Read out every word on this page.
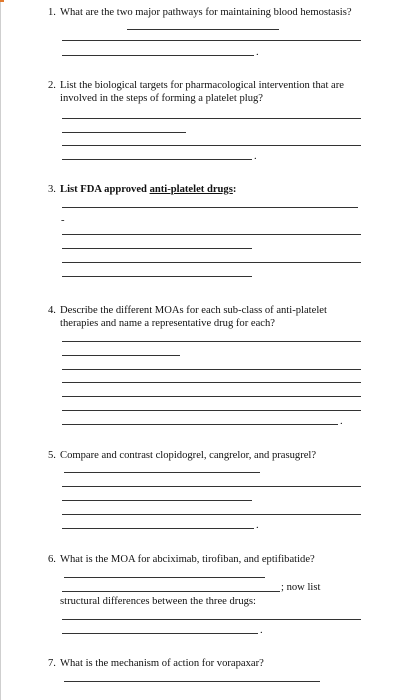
1. What are the two major pathways for maintaining blood hemostasis?
.
2. List the biological targets for pharmacological intervention that are involved in the steps of forming a platelet plug?
.
3. List FDA approved anti-platelet drugs:
-
4. Describe the different MOAs for each sub-class of anti-platelet therapies and name a representative drug for each?
.
5. Compare and contrast clopidogrel, cangrelor, and prasugrel?
.
6. What is the MOA for abciximab, tirofiban, and eptifibatide?
; now list
structural differences between the three drugs:
.
7. What is the mechanism of action for vorapaxar?
